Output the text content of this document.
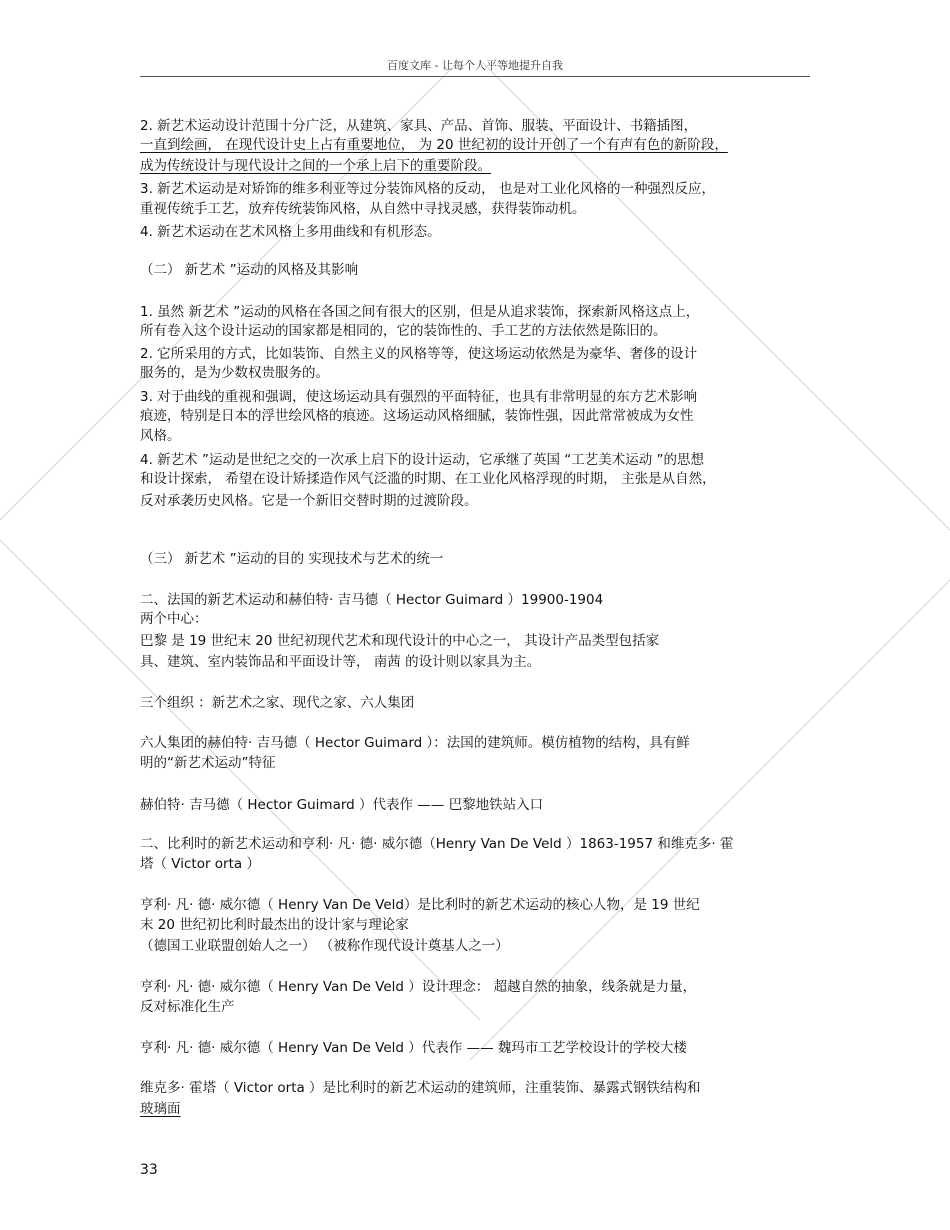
百度文库 - 让每个人平等地提升自我
2. 新艺术运动设计范围十分广泛，从建筑、家具、产品、首饰、服装、平面设计、书籍插图，
一直到绘画， 在现代设计史上占有重要地位， 为 20 世纪初的设计开创了一个有声有色的新阶段，
成为传统设计与现代设计之间的一个承上启下的重要阶段。
3. 新艺术运动是对矫饰的维多利亚等过分装饰风格的反动， 也是对工业化风格的一种强烈反应，
重视传统手工艺，放弃传统装饰风格，从自然中寻找灵感，获得装饰动机。
4. 新艺术运动在艺术风格上多用曲线和有机形态。
（二） 新艺术 ”运动的风格及其影响
1. 虽然 新艺术 ”运动的风格在各国之间有很大的区别，但是从追求装饰，探索新风格这点上，
所有卷入这个设计运动的国家都是相同的，它的装饰性的、手工艺的方法依然是陈旧的。
2. 它所采用的方式，比如装饰、自然主义的风格等等，使这场运动依然是为豪华、奢侈的设计
服务的，是为少数权贵服务的。
3. 对于曲线的重视和强调，使这场运动具有强烈的平面特征，也具有非常明显的东方艺术影响
痕迹，特别是日本的浮世绘风格的痕迹。这场运动风格细腻，装饰性强，因此常常被成为女性
风格。
4. 新艺术 ”运动是世纪之交的一次承上启下的设计运动，它承继了英国 “工艺美术运动 ”的思想
和设计探索， 希望在设计矫揉造作风气泛滥的时期、在工业化风格浮现的时期， 主张是从自然，
反对承袭历史风格。它是一个新旧交替时期的过渡阶段。
（三） 新艺术 ”运动的目的 实现技术与艺术的统一
二、法国的新艺术运动和赫伯特· 吉马德（ Hector Guimard ）19900-1904
两个中心：
巴黎 是 19 世纪末 20 世纪初现代艺术和现代设计的中心之一， 其设计产品类型包括家
具、建筑、室内装饰品和平面设计等， 南茜 的设计则以家具为主。
三个组织 ：新艺术之家、现代之家、六人集团
六人集团的赫伯特· 吉马德（ Hector Guimard ）：法国的建筑师。模仿植物的结构，具有鲜
明的“新艺术运动”特征
赫伯特· 吉马德（ Hector Guimard ）代表作 —— 巴黎地铁站入口
二、比利时的新艺术运动和亨利· 凡· 德· 威尔德（Henry Van De Veld ）1863-1957 和维克多· 霍
塔（ Victor orta ）
亨利· 凡· 德· 威尔德（ Henry Van De Veld）是比利时的新艺术运动的核心人物，是 19 世纪
末 20 世纪初比利时最杰出的设计家与理论家
（德国工业联盟创始人之一） （被称作现代设计奠基人之一）
亨利· 凡· 德· 威尔德（ Henry Van De Veld ）设计理念： 超越自然的抽象，线条就是力量，
反对标准化生产
亨利· 凡· 德· 威尔德（ Henry Van De Veld ）代表作 —— 魏玛市工艺学校设计的学校大楼
维克多· 霍塔（ Victor orta ）是比利时的新艺术运动的建筑师，注重装饰、暴露式钢铁结构和
玻璃面
33
